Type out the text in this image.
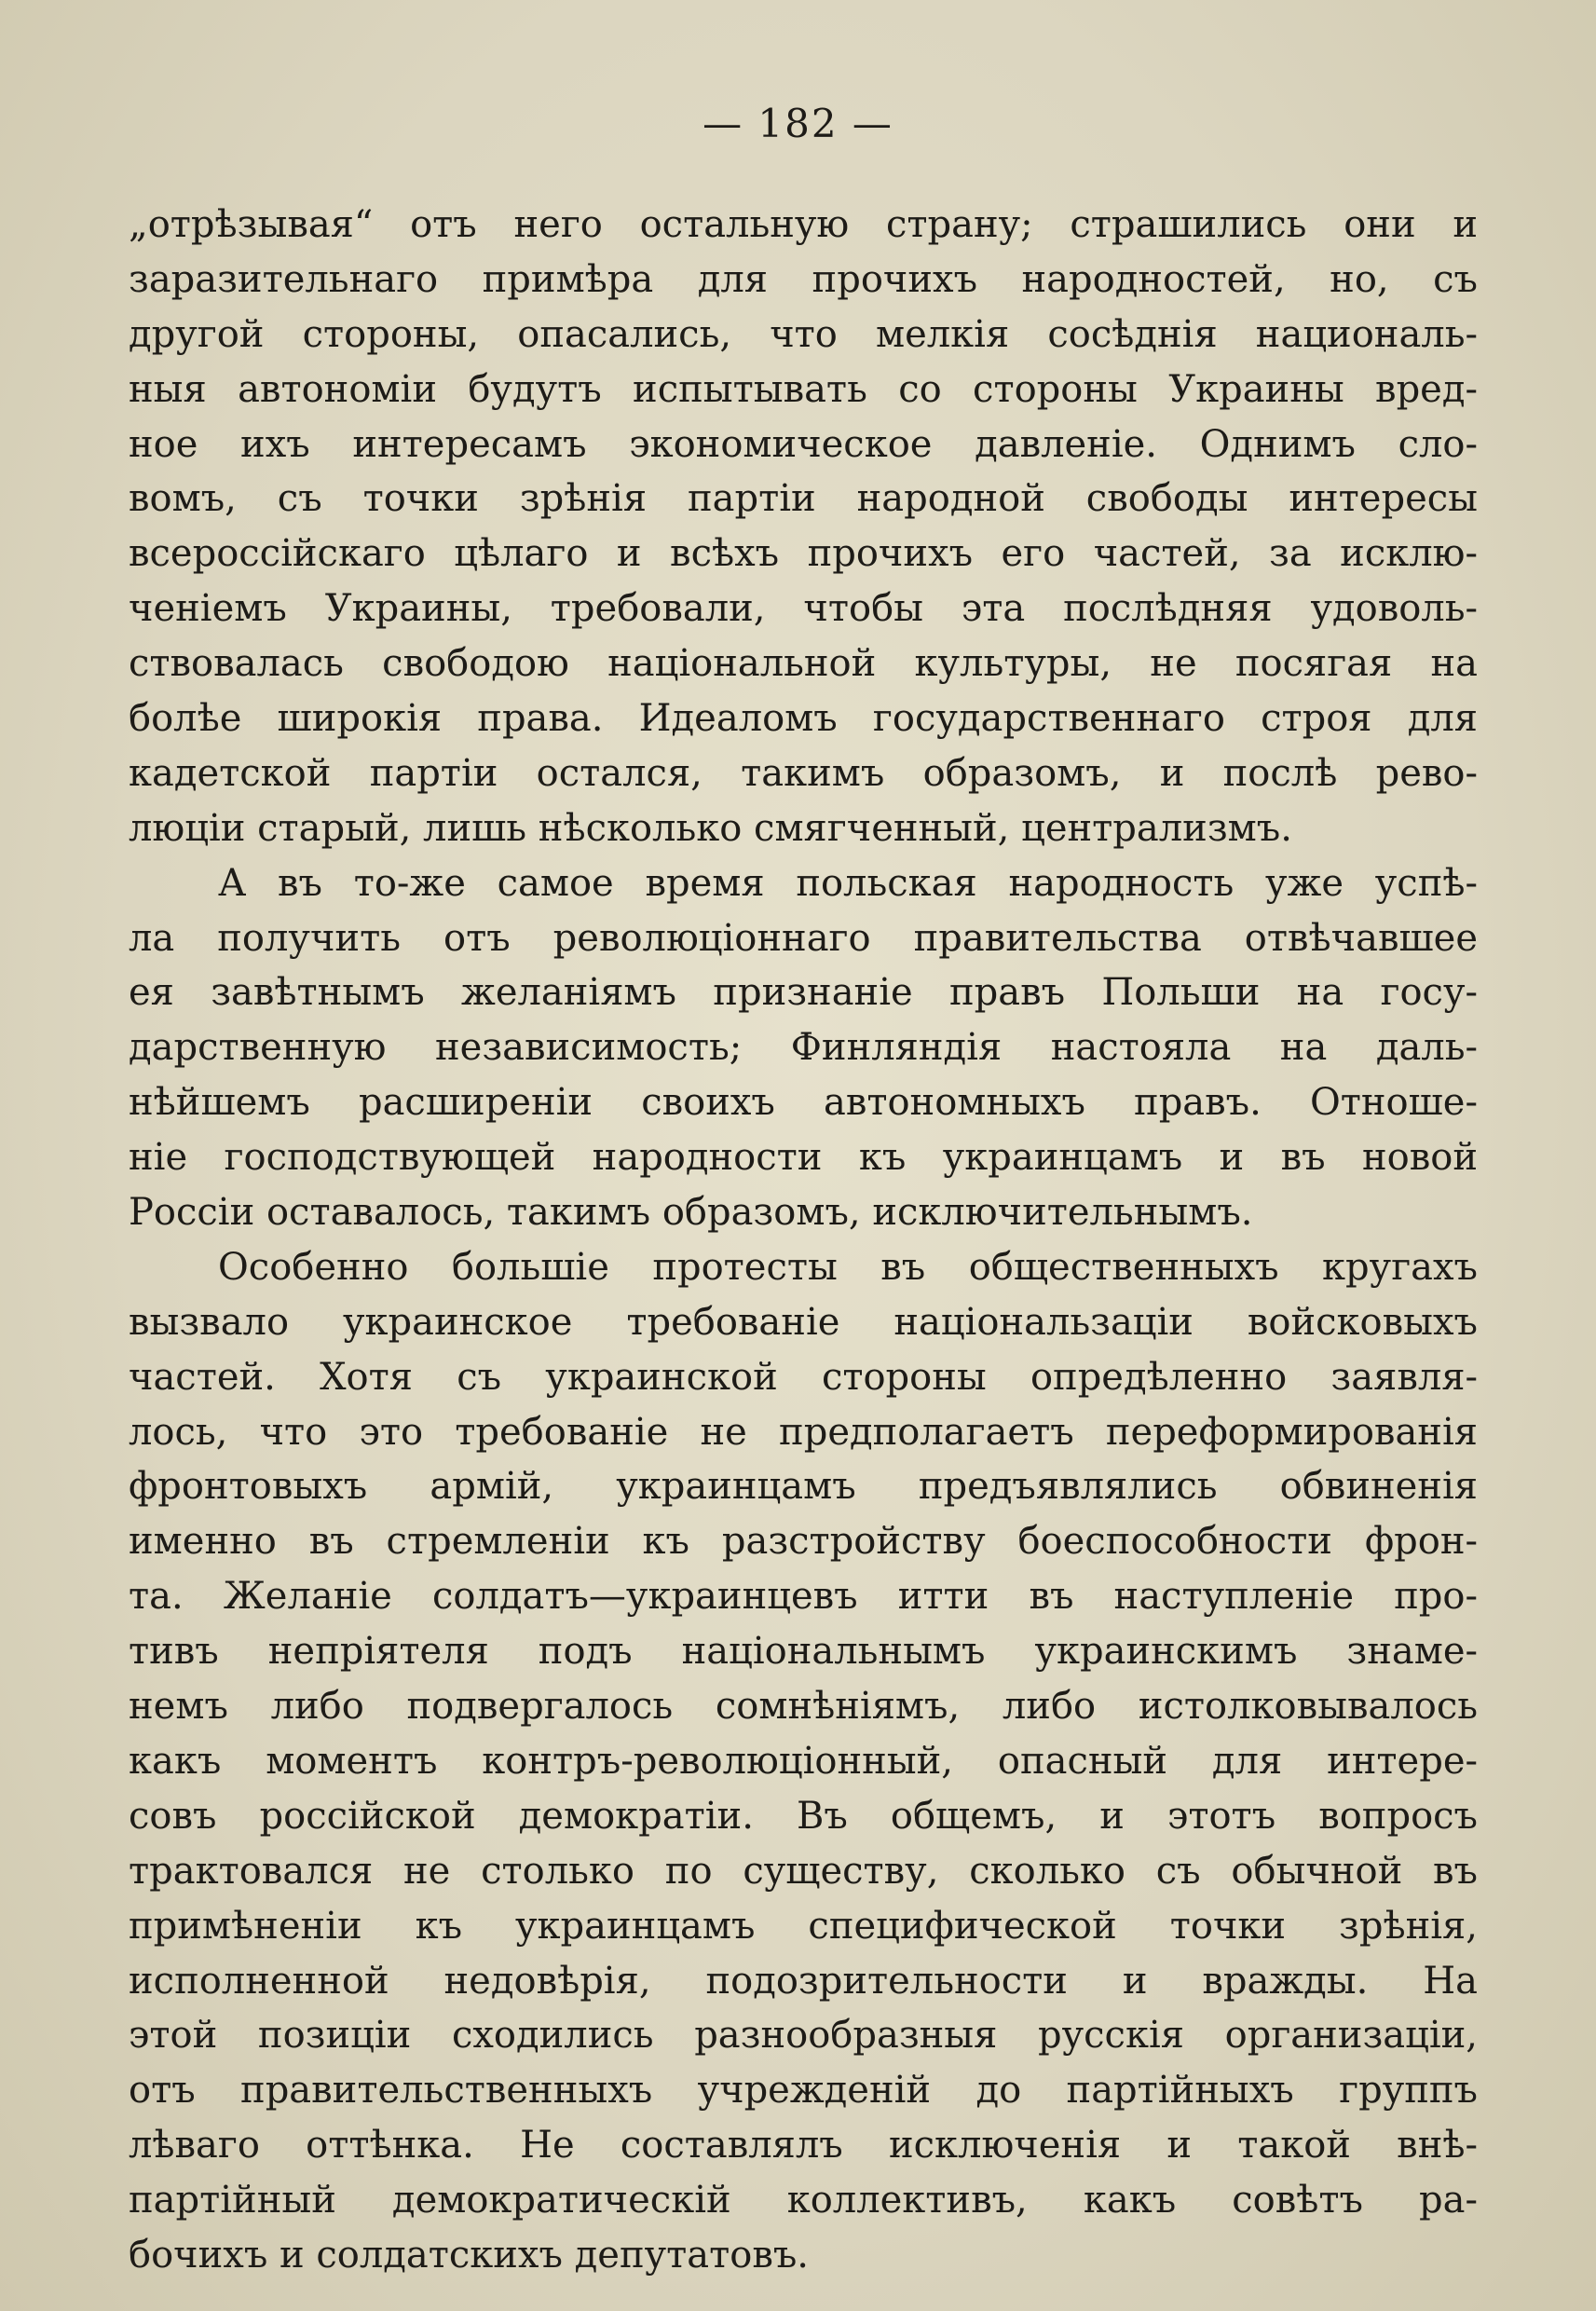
— 182 —
„отрѣзывая“ отъ него остальную страну; страшились они и
заразительнаго примѣра для прочихъ народностей, но, съ
другой стороны, опасались, что мелкія сосѣднія националь-
ныя автономіи будутъ испытывать со стороны Украины вред-
ное ихъ интересамъ экономическое давленіе. Однимъ сло-
вомъ, съ точки зрѣнія партіи народной свободы интересы
всероссійскаго цѣлаго и всѣхъ прочихъ его частей, за исклю-
ченіемъ Украины, требовали, чтобы эта послѣдняя удоволь-
ствовалась свободою національной культуры, не посягая на
болѣе широкія права. Идеаломъ государственнаго строя для
кадетской партіи остался, такимъ образомъ, и послѣ рево-
люціи старый, лишь нѣсколько смягченный, централизмъ.
А въ то-же самое время польская народность уже успѣ-
ла получить отъ революціоннаго правительства отвѣчавшее
ея завѣтнымъ желаніямъ признаніе правъ Польши на госу-
дарственную независимость; Финляндія настояла на даль-
нѣйшемъ расширеніи своихъ автономныхъ правъ. Отноше-
ніе господствующей народности къ украинцамъ и въ новой
Россіи оставалось, такимъ образомъ, исключительнымъ.
Особенно большіе протесты въ общественныхъ кругахъ
вызвало украинское требованіе національзаціи войсковыхъ
частей. Хотя съ украинской стороны опредѣленно заявля-
лось, что это требованіе не предполагаетъ переформированія
фронтовыхъ армій, украинцамъ предъявлялись обвиненія
именно въ стремленіи къ разстройству боеспособности фрон-
та. Желаніе солдатъ—украинцевъ итти въ наступленіе про-
тивъ непріятеля подъ національнымъ украинскимъ знаме-
немъ либо подвергалось сомнѣніямъ, либо истолковывалось
какъ моментъ контръ-революціонный, опасный для интере-
совъ россійской демократіи. Въ общемъ, и этотъ вопросъ
трактовался не столько по существу, сколько съ обычной въ
примѣненіи къ украинцамъ специфической точки зрѣнія,
исполненной недовѣрія, подозрительности и вражды. На
этой позиціи сходились разнообразныя русскія организаціи,
отъ правительственныхъ учрежденій до партійныхъ группъ
лѣваго оттѣнка. Не составлялъ исключенія и такой внѣ-
партійный демократическій коллективъ, какъ совѣтъ ра-
бочихъ и солдатскихъ депутатовъ.
